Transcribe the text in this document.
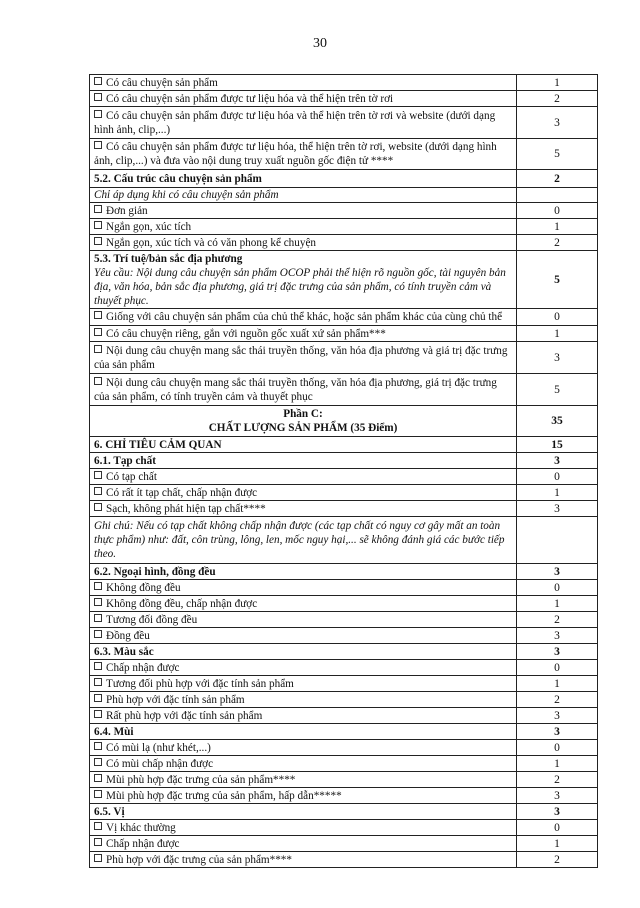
30
Có câu chuyện sản phẩm	1
Có câu chuyện sản phẩm được tư liệu hóa và thể hiện trên tờ rơi	2
Có câu chuyện sản phẩm được tư liệu hóa và thể hiện trên tờ rơi và website (dưới dạng hình ảnh, clip,...)	3
Có câu chuyện sản phẩm được tư liệu hóa, thể hiện trên tờ rơi, website (dưới dạng hình ảnh, clip,...) và đưa vào nội dung truy xuất nguồn gốc điện tử ****	5
5.2. Cấu trúc câu chuyện sản phẩm	2
Chỉ áp dụng khi có câu chuyện sản phẩm	
Đơn giản	0
Ngắn gọn, xúc tích	1
Ngắn gọn, xúc tích và có văn phong kể chuyện	2

5.3. Trí tuệ/bản sắc địa phương
Yêu cầu: Nội dung câu chuyện sản phẩm OCOP phải thể hiện rõ nguồn gốc, tài nguyên bản địa, văn hóa, bản sắc địa phương, giá trị đặc trưng của sản phẩm, có tính truyền cảm và thuyết phục.	5
Giống với câu chuyện sản phẩm của chủ thể khác, hoặc sản phẩm khác của cùng chủ thể	0
Có câu chuyện riêng, gắn với nguồn gốc xuất xứ sản phẩm***	1
Nội dung câu chuyện mang sắc thái truyền thống, văn hóa địa phương và giá trị đặc trưng của sản phẩm	3
Nội dung câu chuyện mang sắc thái truyền thống, văn hóa địa phương, giá trị đặc trưng của sản phẩm, có tính truyền cảm và thuyết phục	5

Phần C:
CHẤT LƯỢNG SẢN PHẨM (35 Điểm)	35
6. CHỈ TIÊU CẢM QUAN	15
6.1. Tạp chất	3
Có tạp chất	0
Có rất ít tạp chất, chấp nhận được	1
Sạch, không phát hiện tạp chất****	3
Ghi chú: Nếu có tạp chất không chấp nhận được (các tạp chất có nguy cơ gây mất an toàn thực phẩm) như: đất, côn trùng, lông, len, mốc nguy hại,... sẽ không đánh giá các bước tiếp theo.	
6.2. Ngoại hình, đồng đều	3
Không đồng đều	0
Không đồng đều, chấp nhận được	1
Tương đối đồng đều	2
Đồng đều	3
6.3. Màu sắc	3
Chấp nhận được	0
Tương đối phù hợp với đặc tính sản phẩm	1
Phù hợp với đặc tính sản phẩm	2
Rất phù hợp với đặc tính sản phẩm	3
6.4. Mùi	3
Có mùi lạ (như khét,...)	0
Có mùi chấp nhận được	1
Mùi phù hợp đặc trưng của sản phẩm****	2
Mùi phù hợp đặc trưng của sản phẩm, hấp dẫn*****	3
6.5. Vị	3
Vị khác thường	0
Chấp nhận được	1
Phù hợp với đặc trưng của sản phẩm****	2
